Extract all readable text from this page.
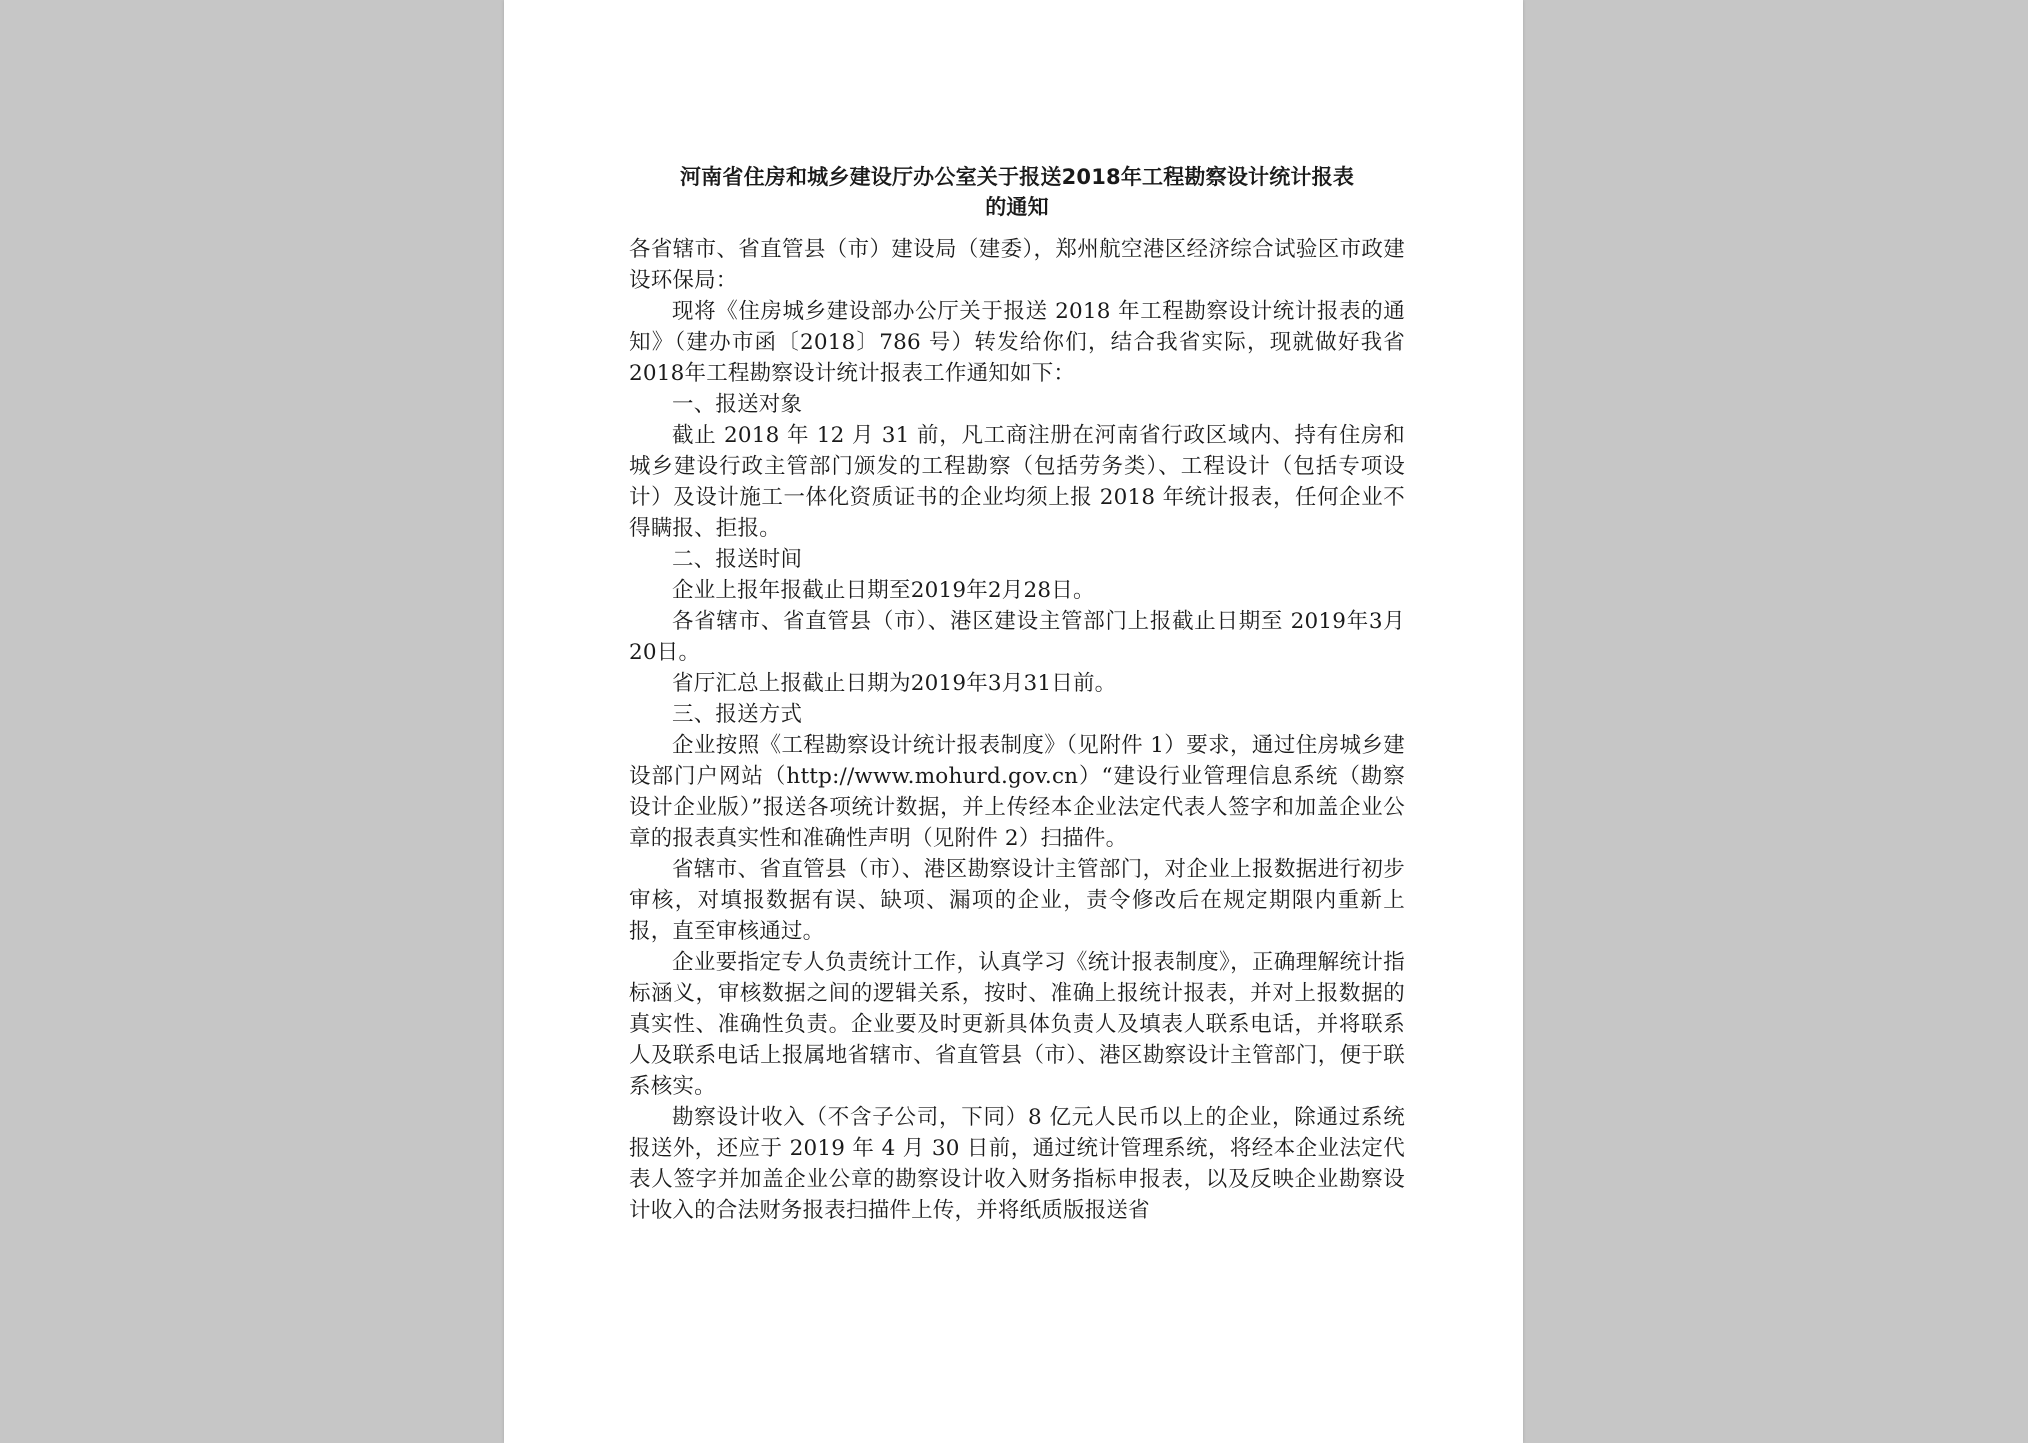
河南省住房和城乡建设厅办公室关于报送2018年工程勘察设计统计报表
的通知

各省辖市、省直管县（市）建设局（建委），郑州航空港区经济综合试验区市政建设环保局：

现将《住房城乡建设部办公厅关于报送 2018 年工程勘察设计统计报表的通知》（建办市函〔2018〕786 号）转发给你们，结合我省实际，现就做好我省2018年工程勘察设计统计报表工作通知如下：

一、报送对象

截止 2018 年 12 月 31 前，凡工商注册在河南省行政区域内、持有住房和城乡建设行政主管部门颁发的工程勘察（包括劳务类）、工程设计（包括专项设计）及设计施工一体化资质证书的企业均须上报 2018 年统计报表，任何企业不得瞒报、拒报。

二、报送时间

企业上报年报截止日期至2019年2月28日。

各省辖市、省直管县（市）、港区建设主管部门上报截止日期至 2019年3月20日。

省厅汇总上报截止日期为2019年3月31日前。

三、报送方式

企业按照《工程勘察设计统计报表制度》（见附件 1）要求，通过住房城乡建设部门户网站（http://www.mohurd.gov.cn）“建设行业管理信息系统（勘察设计企业版）”报送各项统计数据，并上传经本企业法定代表人签字和加盖企业公章的报表真实性和准确性声明（见附件 2）扫描件。

省辖市、省直管县（市）、港区勘察设计主管部门，对企业上报数据进行初步审核，对填报数据有误、缺项、漏项的企业，责令修改后在规定期限内重新上报，直至审核通过。

企业要指定专人负责统计工作，认真学习《统计报表制度》，正确理解统计指标涵义，审核数据之间的逻辑关系，按时、准确上报统计报表，并对上报数据的真实性、准确性负责。企业要及时更新具体负责人及填表人联系电话，并将联系人及联系电话上报属地省辖市、省直管县（市）、港区勘察设计主管部门，便于联系核实。

勘察设计收入（不含子公司，下同）8 亿元人民币以上的企业，除通过系统报送外，还应于 2019 年 4 月 30 日前，通过统计管理系统，将经本企业法定代表人签字并加盖企业公章的勘察设计收入财务指标申报表，以及反映企业勘察设计收入的合法财务报表扫描件上传，并将纸质版报送省
